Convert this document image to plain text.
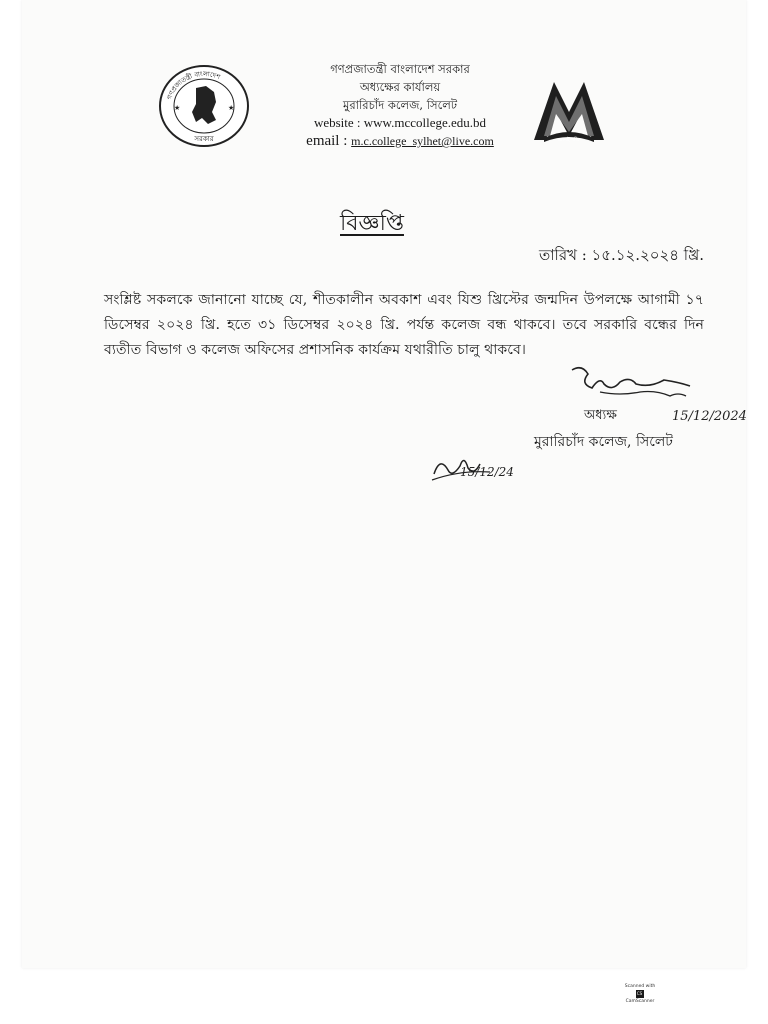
★	★
গণপ্রজাতন্ত্রী বাংলাদেশ
সরকার
গণপ্রজাতন্ত্রী বাংলাদেশ সরকার
অধ্যক্ষের কার্যালয়
মুরারিচাঁদ কলেজ, সিলেট
website : www.mccollege.edu.bd
email : m.c.college_sylhet@live.com	জ্ঞানই শক্তি
বিজ্ঞপ্তি
তারিখ : ১৫.১২.২০২৪ খ্রি.
সংশ্লিষ্ট সকলকে জানানো যাচ্ছে যে, শীতকালীন অবকাশ এবং যিশু খ্রিস্টের জন্মদিন উপলক্ষে আগামী ১৭ ডিসেম্বর ২০২৪ খ্রি. হতে ৩১ ডিসেম্বর ২০২৪ খ্রি. পর্যন্ত কলেজ বন্ধ থাকবে। তবে সরকারি বন্ধের দিন ব্যতীত বিভাগ ও কলেজ অফিসের প্রশাসনিক কার্যক্রম যথারীতি চালু থাকবে।
15/12/2024
অধ্যক্ষ
মুরারিচাঁদ কলেজ, সিলেট
15/12/24
Scanned with
CSCamScanner
